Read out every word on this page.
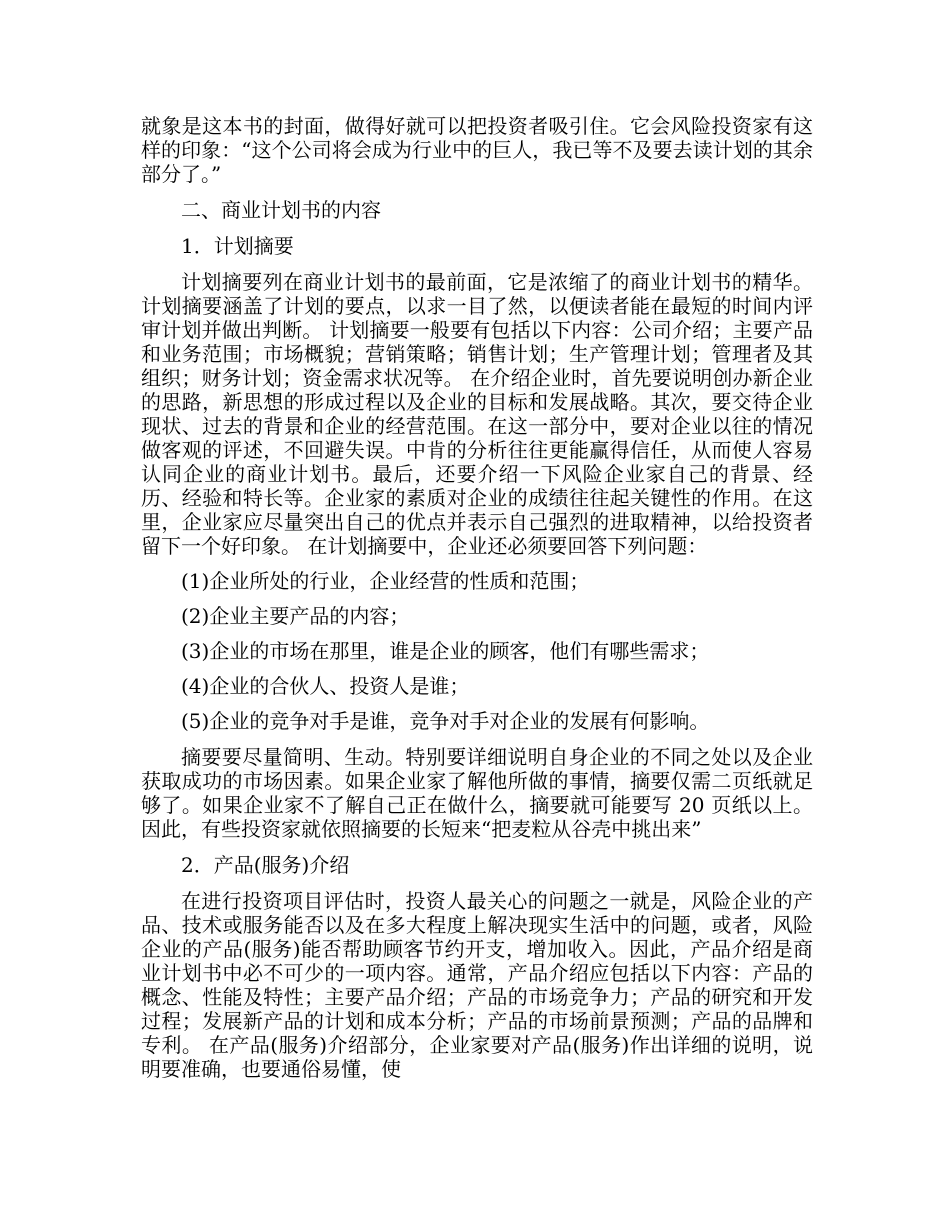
就象是这本书的封面，做得好就可以把投资者吸引住。它会风险投资家有这样的印象：“这个公司将会成为行业中的巨人，我已等不及要去读计划的其余部分了。”

二、商业计划书的内容

1．计划摘要

计划摘要列在商业计划书的最前面，它是浓缩了的商业计划书的精华。计划摘要涵盖了计划的要点，以求一目了然，以便读者能在最短的时间内评审计划并做出判断。 计划摘要一般要有包括以下内容：公司介绍；主要产品和业务范围；市场概貌；营销策略；销售计划；生产管理计划；管理者及其组织；财务计划；资金需求状况等。 在介绍企业时，首先要说明创办新企业的思路，新思想的形成过程以及企业的目标和发展战略。其次，要交待企业现状、过去的背景和企业的经营范围。在这一部分中，要对企业以往的情况做客观的评述，不回避失误。中肯的分析往往更能赢得信任，从而使人容易认同企业的商业计划书。最后，还要介绍一下风险企业家自己的背景、经历、经验和特长等。企业家的素质对企业的成绩往往起关键性的作用。在这里，企业家应尽量突出自己的优点并表示自己强烈的进取精神，以给投资者留下一个好印象。 在计划摘要中，企业还必须要回答下列问题：

(1)企业所处的行业，企业经营的性质和范围；

(2)企业主要产品的内容；

(3)企业的市场在那里，谁是企业的顾客，他们有哪些需求；

(4)企业的合伙人、投资人是谁；

(5)企业的竞争对手是谁，竞争对手对企业的发展有何影响。

摘要要尽量简明、生动。特别要详细说明自身企业的不同之处以及企业获取成功的市场因素。如果企业家了解他所做的事情，摘要仅需二页纸就足够了。如果企业家不了解自己正在做什么，摘要就可能要写 20 页纸以上。因此，有些投资家就依照摘要的长短来“把麦粒从谷壳中挑出来”

2．产品(服务)介绍

在进行投资项目评估时，投资人最关心的问题之一就是，风险企业的产品、技术或服务能否以及在多大程度上解决现实生活中的问题，或者，风险企业的产品(服务)能否帮助顾客节约开支，增加收入。因此，产品介绍是商业计划书中必不可少的一项内容。通常，产品介绍应包括以下内容：产品的概念、性能及特性；主要产品介绍；产品的市场竞争力；产品的研究和开发过程；发展新产品的计划和成本分析；产品的市场前景预测；产品的品牌和专利。 在产品(服务)介绍部分，企业家要对产品(服务)作出详细的说明，说明要准确，也要通俗易懂，使
